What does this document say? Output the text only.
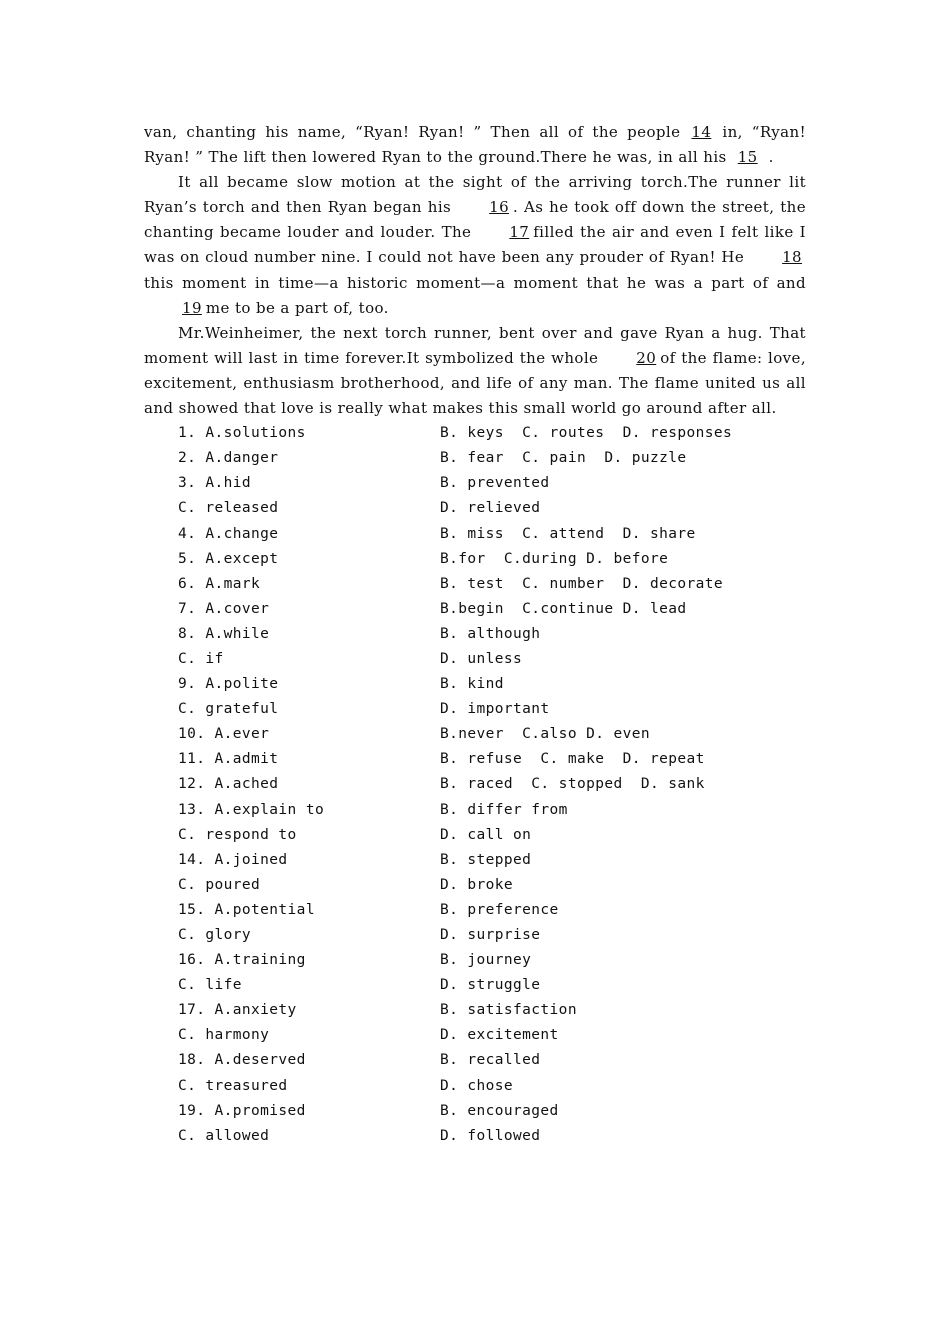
van, chanting his name, “Ryan! Ryan! ” Then all of the people 14 in, “Ryan! Ryan! ” The lift then lowered Ryan to the ground.There he was, in all his 15 .

It all became slow motion at the sight of the arriving torch.The runner lit Ryan’s torch and then Ryan began his	16 . As he took off down the street, the chanting became louder and louder. The	17 filled the air and even I felt like I was on cloud number nine. I could not have been any prouder of Ryan! He	18this moment in time—a historic moment—a moment that he was a part of and19 me to be a part of, too.

Mr.Weinheimer, the next torch runner, bent over and gave Ryan a hug. That moment will last in time forever.It symbolized the whole	20 of the flame: love, excitement, enthusiasm brotherhood, and life of any man. The flame united us all and showed that love is really what makes this small world go around after all.

1. A.solutions	B. keys  C. routes  D. responses
2. A.danger	B. fear  C. pain  D. puzzle
3. A.hid	B. prevented
C. released	D. relieved
4. A.change	B. miss  C. attend  D. share
5. A.except	B.for  C.during D. before
6. A.mark	B. test  C. number  D. decorate
7. A.cover	B.begin  C.continue D. lead
8. A.while	B. although
C. if	D. unless
9. A.polite	B. kind
C. grateful	D. important
10. A.ever	B.never  C.also D. even
11. A.admit	B. refuse  C. make  D. repeat
12. A.ached	B. raced  C. stopped  D. sank
13. A.explain to	B. differ from
C. respond to	D. call on
14. A.joined	B. stepped
C. poured	D. broke
15. A.potential	B. preference
C. glory	D. surprise
16. A.training	B. journey
C. life	D. struggle
17. A.anxiety	B. satisfaction
C. harmony	D. excitement
18. A.deserved	B. recalled
C. treasured	D. chose
19. A.promised	B. encouraged
C. allowed	D. followed
